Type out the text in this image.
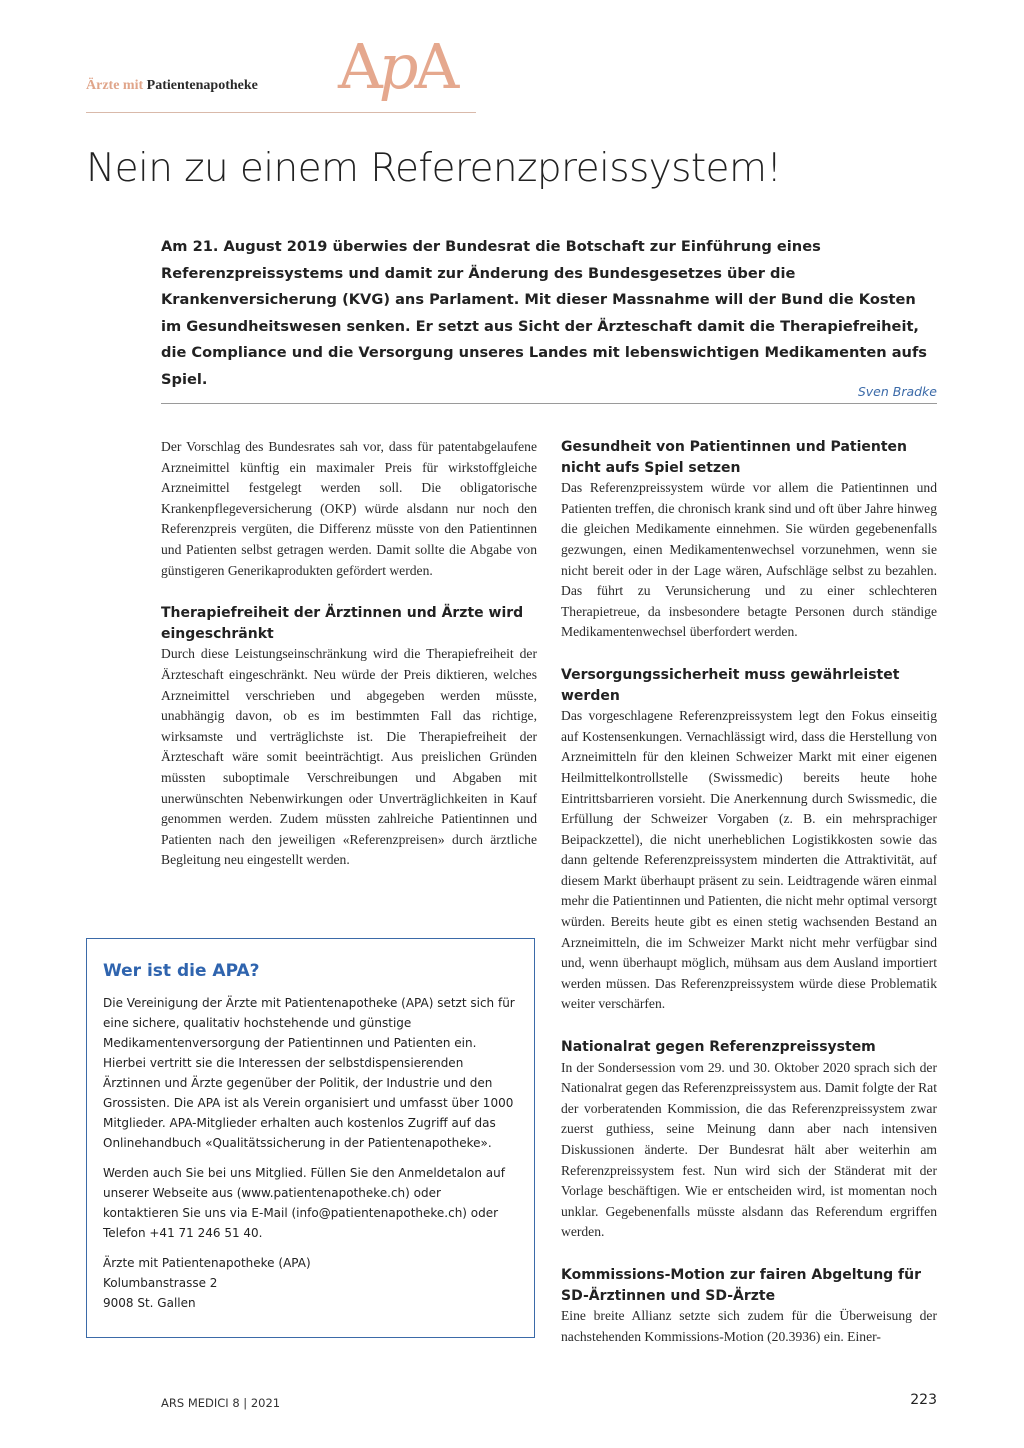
Ärzte mit Patientenapotheke ApA
Nein zu einem Referenzpreissystem!

Am 21. August 2019 überwies der Bundesrat die Botschaft zur Einführung eines Referenzpreissystems und damit zur Änderung des Bundesgesetzes über die Krankenversicherung (KVG) ans Parlament. Mit dieser Massnahme will der Bund die Kosten im Gesundheitswesen senken. Er setzt aus Sicht der Ärzteschaft damit die Therapiefreiheit, die Compliance und die Versorgung unseres Landes mit lebenswichtigen Medikamenten aufs Spiel.

Sven Bradke

Der Vorschlag des Bundesrates sah vor, dass für patentabgelaufene Arzneimittel künftig ein maximaler Preis für wirkstoffgleiche Arzneimittel festgelegt werden soll. Die obligatorische Krankenpflegeversicherung (OKP) würde alsdann nur noch den Referenzpreis vergüten, die Differenz müsste von den Patientinnen und Patienten selbst getragen werden. Damit sollte die Abgabe von günstigeren Generikaprodukten gefördert werden.

Therapiefreiheit der Ärztinnen und Ärzte wird eingeschränkt

Durch diese Leistungseinschränkung wird die Therapiefreiheit der Ärzteschaft eingeschränkt. Neu würde der Preis diktieren, welches Arzneimittel verschrieben und abgegeben werden müsste, unabhängig davon, ob es im bestimmten Fall das richtige, wirksamste und verträglichste ist. Die Therapiefreiheit der Ärzteschaft wäre somit beeinträchtigt. Aus preislichen Gründen müssten suboptimale Verschreibungen und Abgaben mit unerwünschten Nebenwirkungen oder Unverträglichkeiten in Kauf genommen werden. Zudem müssten zahlreiche Patientinnen und Patienten nach den jeweiligen «Referenzpreisen» durch ärztliche Begleitung neu eingestellt werden.

Wer ist die APA?

Die Vereinigung der Ärzte mit Patientenapotheke (APA) setzt sich für eine sichere, qualitativ hochstehende und günstige Medikamentenversorgung der Patientinnen und Patienten ein. Hierbei vertritt sie die Interessen der selbstdispensierenden Ärztinnen und Ärzte gegenüber der Politik, der Industrie und den Grossisten. Die APA ist als Verein organisiert und umfasst über 1000 Mitglieder. APA-Mitglieder erhalten auch kostenlos Zugriff auf das Onlinehandbuch «Qualitätssicherung in der Patientenapotheke».

Werden auch Sie bei uns Mitglied. Füllen Sie den Anmeldetalon auf unserer Webseite aus (www.patientenapotheke.ch) oder kontaktieren Sie uns via E-Mail (info@patientenapotheke.ch) oder Telefon +41 71 246 51 40.

Ärzte mit Patientenapotheke (APA)
Kolumbanstrasse 2
9008 St. Gallen

Gesundheit von Patientinnen und Patienten nicht aufs Spiel setzen

Das Referenzpreissystem würde vor allem die Patientinnen und Patienten treffen, die chronisch krank sind und oft über Jahre hinweg die gleichen Medikamente einnehmen. Sie würden gegebenenfalls gezwungen, einen Medikamentenwechsel vorzunehmen, wenn sie nicht bereit oder in der Lage wären, Aufschläge selbst zu bezahlen. Das führt zu Verunsicherung und zu einer schlechteren Therapietreue, da insbesondere betagte Personen durch ständige Medikamentenwechsel überfordert werden.

Versorgungssicherheit muss gewährleistet werden

Das vorgeschlagene Referenzpreissystem legt den Fokus einseitig auf Kostensenkungen. Vernachlässigt wird, dass die Herstellung von Arzneimitteln für den kleinen Schweizer Markt mit einer eigenen Heilmittelkontrollstelle (Swissmedic) bereits heute hohe Eintrittsbarrieren vorsieht. Die Anerkennung durch Swissmedic, die Erfüllung der Schweizer Vorgaben (z. B. ein mehrsprachiger Beipackzettel), die nicht unerheblichen Logistikkosten sowie das dann geltende Referenzpreissystem minderten die Attraktivität, auf diesem Markt überhaupt präsent zu sein. Leidtragende wären einmal mehr die Patientinnen und Patienten, die nicht mehr optimal versorgt würden. Bereits heute gibt es einen stetig wachsenden Bestand an Arzneimitteln, die im Schweizer Markt nicht mehr verfügbar sind und, wenn überhaupt möglich, mühsam aus dem Ausland importiert werden müssen. Das Referenzpreissystem würde diese Problematik weiter verschärfen.

Nationalrat gegen Referenzpreissystem

In der Sondersession vom 29. und 30. Oktober 2020 sprach sich der Nationalrat gegen das Referenzpreissystem aus. Damit folgte der Rat der vorberatenden Kommission, die das Referenzpreissystem zwar zuerst guthiess, seine Meinung dann aber nach intensiven Diskussionen änderte. Der Bundesrat hält aber weiterhin am Referenzpreissystem fest. Nun wird sich der Ständerat mit der Vorlage beschäftigen. Wie er entscheiden wird, ist momentan noch unklar. Gegebenenfalls müsste alsdann das Referendum ergriffen werden.

Kommissions-Motion zur fairen Abgeltung für SD-Ärztinnen und SD-Ärzte

Eine breite Allianz setzte sich zudem für die Überweisung der nachstehenden Kommissions-Motion (20.3936) ein. Einer-

ARS MEDICI 8 | 2021	223
